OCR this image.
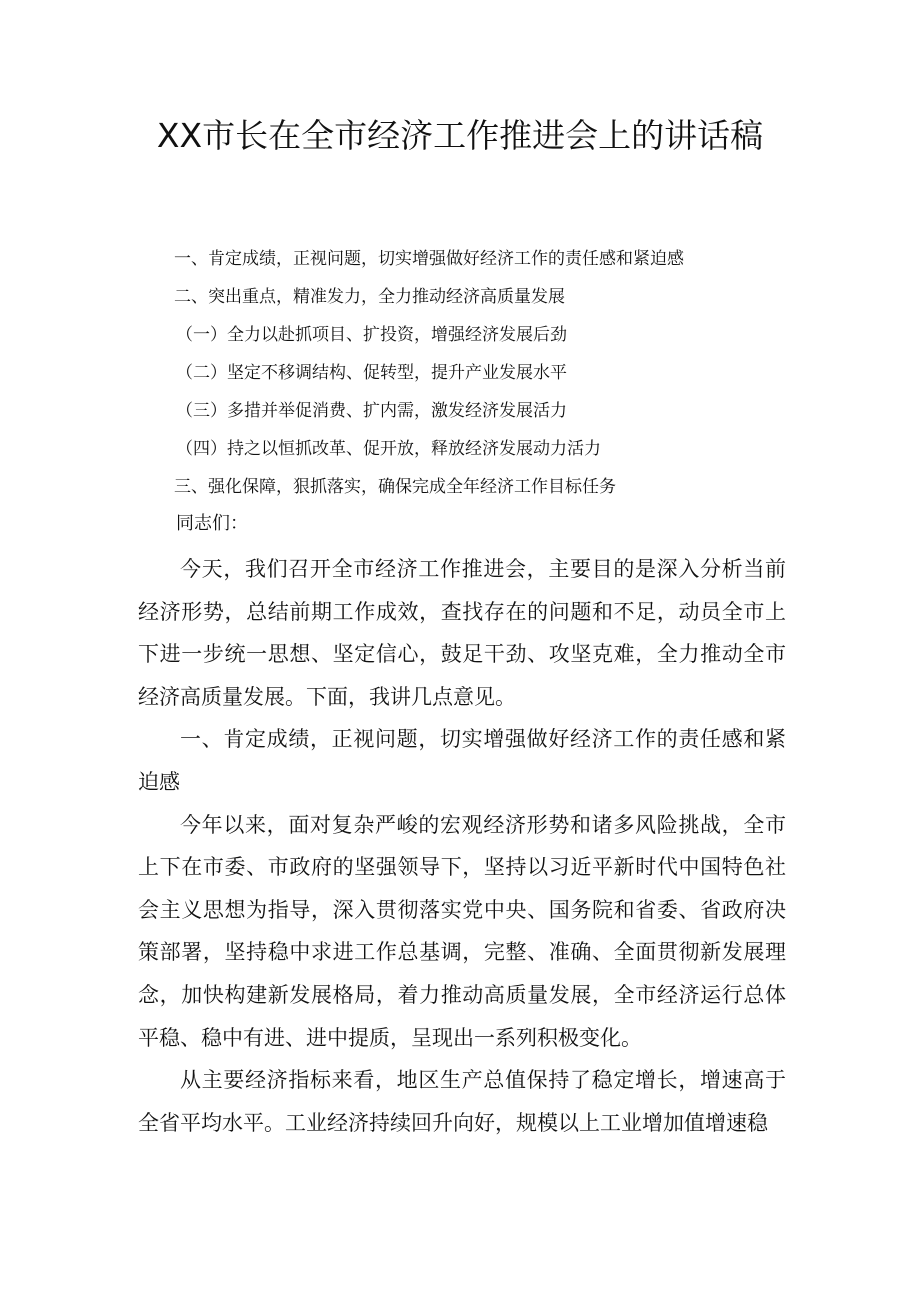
XX市长在全市经济工作推进会上的讲话稿
一、肯定成绩，正视问题，切实增强做好经济工作的责任感和紧迫感
二、突出重点，精准发力，全力推动经济高质量发展
（一）全力以赴抓项目、扩投资，增强经济发展后劲
（二）坚定不移调结构、促转型，提升产业发展水平
（三）多措并举促消费、扩内需，激发经济发展活力
（四）持之以恒抓改革、促开放，释放经济发展动力活力
三、强化保障，狠抓落实，确保完成全年经济工作目标任务
同志们：

今天，我们召开全市经济工作推进会，主要目的是深入分析当前经济形势，总结前期工作成效，查找存在的问题和不足，动员全市上下进一步统一思想、坚定信心，鼓足干劲、攻坚克难，全力推动全市经济高质量发展。下面，我讲几点意见。

一、肯定成绩，正视问题，切实增强做好经济工作的责任感和紧迫感

今年以来，面对复杂严峻的宏观经济形势和诸多风险挑战，全市上下在市委、市政府的坚强领导下，坚持以习近平新时代中国特色社会主义思想为指导，深入贯彻落实党中央、国务院和省委、省政府决策部署，坚持稳中求进工作总基调，完整、准确、全面贯彻新发展理念，加快构建新发展格局，着力推动高质量发展，全市经济运行总体平稳、稳中有进、进中提质，呈现出一系列积极变化。

从主要经济指标来看，地区生产总值保持了稳定增长，增速高于全省平均水平。工业经济持续回升向好，规模以上工业增加值增速稳
